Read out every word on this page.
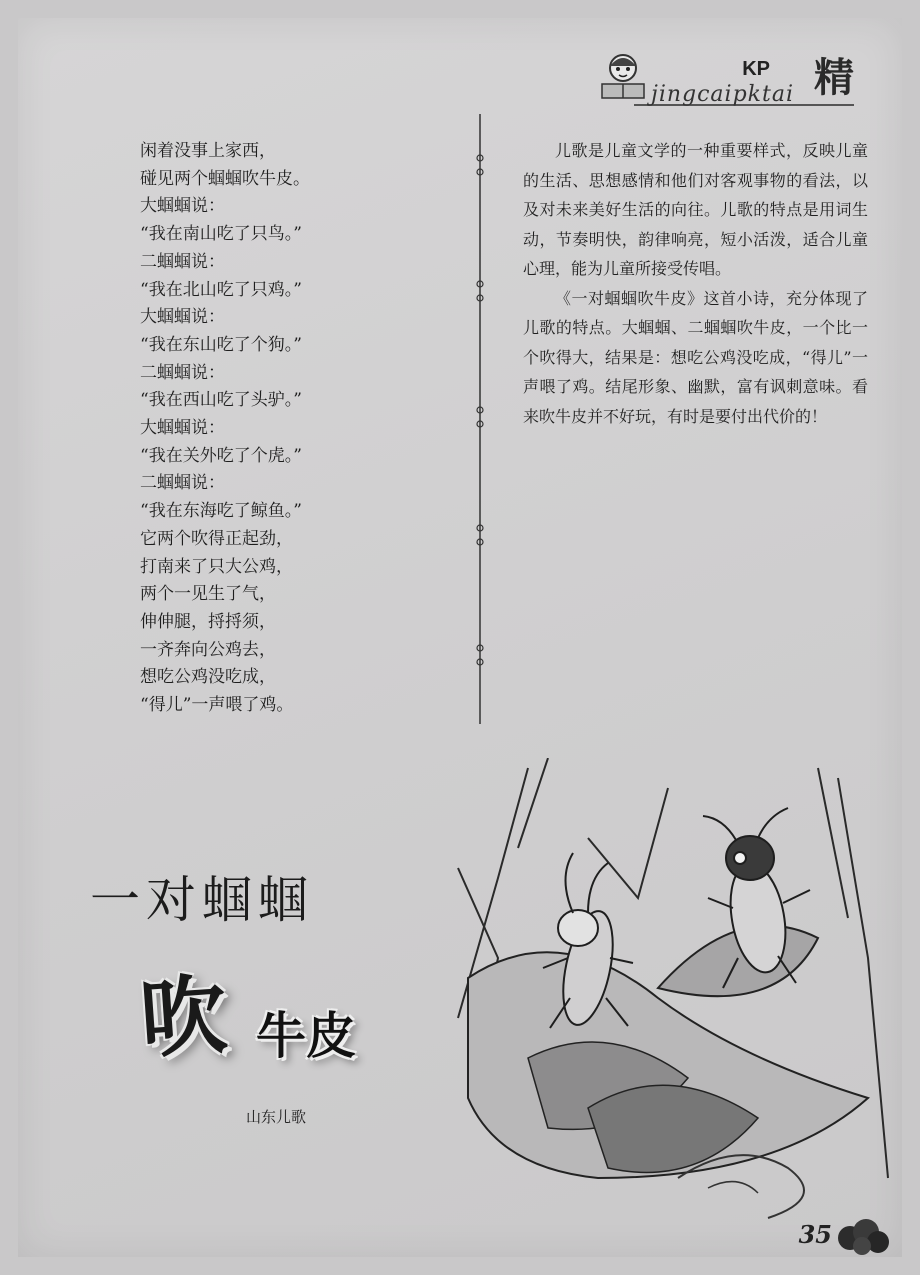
KP
jingcaipktai 精
闲着没事上家西，
碰见两个蝈蝈吹牛皮。
大蝈蝈说：
“我在南山吃了只鸟。”
二蝈蝈说：
“我在北山吃了只鸡。”
大蝈蝈说：
“我在东山吃了个狗。”
二蝈蝈说：
“我在西山吃了头驴。”
大蝈蝈说：
“我在关外吃了个虎。”
二蝈蝈说：
“我在东海吃了鲸鱼。”
它两个吹得正起劲，
打南来了只大公鸡，
两个一见生了气，
伸伸腿，捋捋须，
一齐奔向公鸡去，
想吃公鸡没吃成，
“得儿”一声喂了鸡。

儿歌是儿童文学的一种重要样式，反映儿童的生活、思想感情和他们对客观事物的看法，以及对未来美好生活的向往。儿歌的特点是用词生动，节奏明快，韵律响亮，短小活泼，适合儿童心理，能为儿童所接受传唱。

《一对蝈蝈吹牛皮》这首小诗，充分体现了儿歌的特点。大蝈蝈、二蝈蝈吹牛皮，一个比一个吹得大，结果是：想吃公鸡没吃成，“得儿”一声喂了鸡。结尾形象、幽默，富有讽刺意味。看来吹牛皮并不好玩，有时是要付出代价的！

一对蝈蝈
吹 牛皮
山东儿歌
35
